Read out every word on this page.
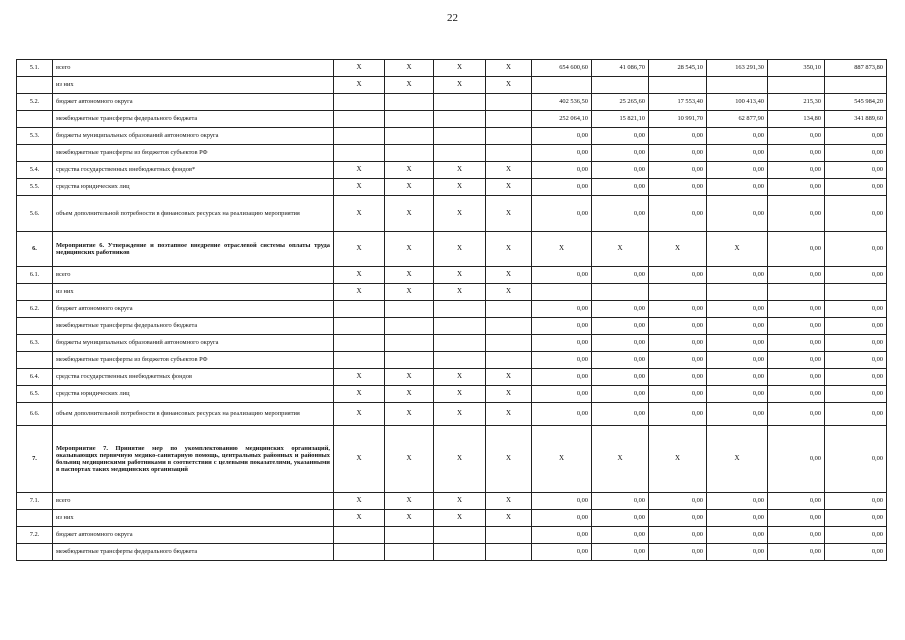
22
5.1.	всего	X	X	X	X	654 600,60	41 086,70	28 545,10	163 291,30	350,10	887 873,80
	из них	X	X	X	X						
5.2.	бюджет автономного округа					402 536,50	25 265,60	17 553,40	100 413,40	215,30	545 984,20
	межбюджетные трансферты федерального бюджета					252 064,10	15 821,10	10 991,70	62 877,90	134,80	341 889,60
5.3.	бюджеты муниципальных образований автономного округа					0,00	0,00	0,00	0,00	0,00	0,00
	межбюджетные трансферты из бюджетов субъектов РФ					0,00	0,00	0,00	0,00	0,00	0,00
5.4.	средства государственных внебюджетных фондов*	X	X	X	X	0,00	0,00	0,00	0,00	0,00	0,00
5.5.	средства юридических лиц	X	X	X	X	0,00	0,00	0,00	0,00	0,00	0,00
5.6.	объем дополнительной потребности в финансовых ресурсах на реализацию мероприятия	X	X	X	X	0,00	0,00	0,00	0,00	0,00	0,00
6.	Мероприятие 6. Утверждение и поэтапное внедрение отраслевой системы оплаты труда медицинских работников	X	X	X	X	X	X	X	X	0,00	0,00
6.1.	всего	X	X	X	X	0,00	0,00	0,00	0,00	0,00	0,00
	из них	X	X	X	X						
6.2.	бюджет автономного округа					0,00	0,00	0,00	0,00	0,00	0,00
	межбюджетные трансферты федерального бюджета					0,00	0,00	0,00	0,00	0,00	0,00
6.3.	бюджеты муниципальных образований автономного округа					0,00	0,00	0,00	0,00	0,00	0,00
	межбюджетные трансферты из бюджетов субъектов РФ					0,00	0,00	0,00	0,00	0,00	0,00
6.4.	средства государственных внебюджетных фондов	X	X	X	X	0,00	0,00	0,00	0,00	0,00	0,00
6.5.	средства юридических лиц	X	X	X	X	0,00	0,00	0,00	0,00	0,00	0,00
6.6.	объем дополнительной потребности в финансовых ресурсах на реализацию мероприятия	X	X	X	X	0,00	0,00	0,00	0,00	0,00	0,00
7.	Мероприятие 7. Принятие мер по укомплектованию медицинских организаций, оказывающих первичную медико-санитарную помощь, центральных районных и районных больниц медицинскими работниками в соответствии с целевыми показателями, указанными в паспортах таких медицинских организаций	X	X	X	X	X	X	X	X	0,00	0,00
7.1.	всего	X	X	X	X	0,00	0,00	0,00	0,00	0,00	0,00
	из них	X	X	X	X	0,00	0,00	0,00	0,00	0,00	0,00
7.2.	бюджет автономного округа					0,00	0,00	0,00	0,00	0,00	0,00
	межбюджетные трансферты федерального бюджета					0,00	0,00	0,00	0,00	0,00	0,00
